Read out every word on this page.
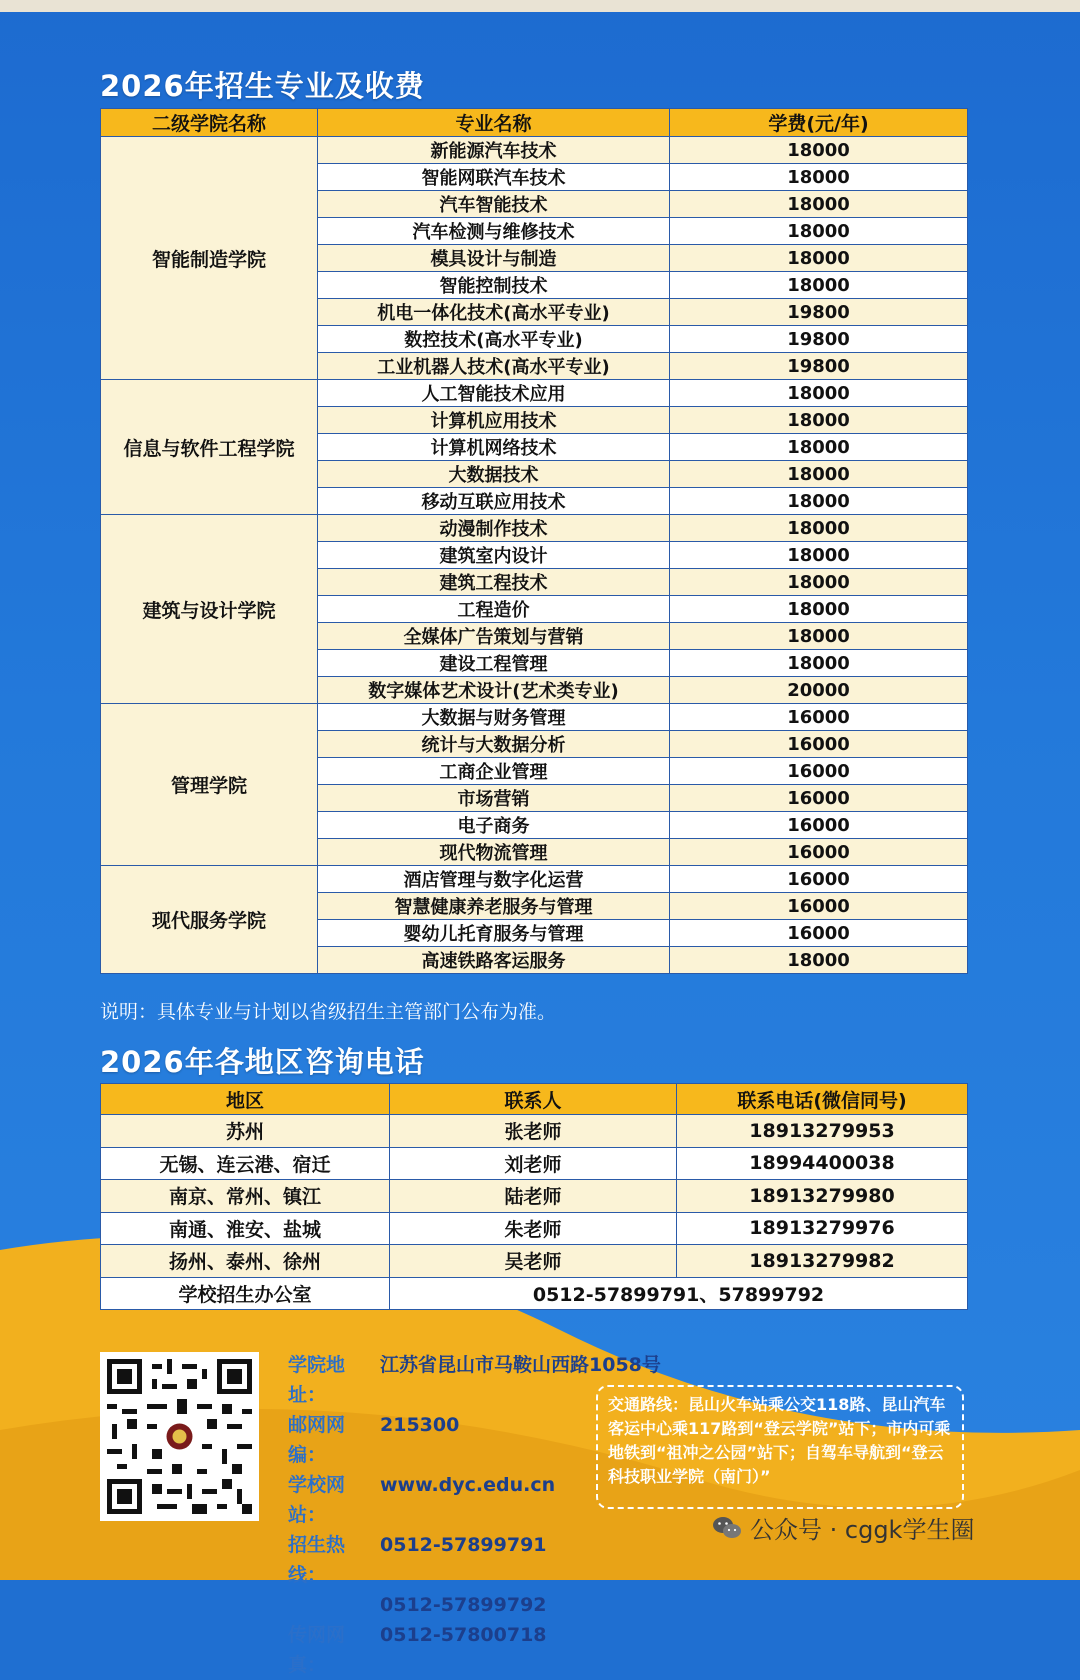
2026年招生专业及收费
二级学院名称	专业名称	学费(元/年)
智能制造学院	新能源汽车技术	18000
	智能网联汽车技术	18000
	汽车智能技术	18000
	汽车检测与维修技术	18000
	模具设计与制造	18000
	智能控制技术	18000
	机电一体化技术(高水平专业)	19800
	数控技术(高水平专业)	19800
	工业机器人技术(高水平专业)	19800
信息与软件工程学院	人工智能技术应用	18000
	计算机应用技术	18000
	计算机网络技术	18000
	大数据技术	18000
	移动互联应用技术	18000
建筑与设计学院	动漫制作技术	18000
	建筑室内设计	18000
	建筑工程技术	18000
	工程造价	18000
	全媒体广告策划与营销	18000
	建设工程管理	18000
	数字媒体艺术设计(艺术类专业)	20000
管理学院	大数据与财务管理	16000
	统计与大数据分析	16000
	工商企业管理	16000
	市场营销	16000
	电子商务	16000
	现代物流管理	16000
现代服务学院	酒店管理与数字化运营	16000
	智慧健康养老服务与管理	16000
	婴幼儿托育服务与管理	16000
	高速铁路客运服务	18000
说明：具体专业与计划以省级招生主管部门公布为准。
2026年各地区咨询电话
地区	联系人	联系电话(微信同号)
苏州	张老师	18913279953
无锡、连云港、宿迁	刘老师	18994400038
南京、常州、镇江	陆老师	18913279980
南通、淮安、盐城	朱老师	18913279976
扬州、泰州、徐州	吴老师	18913279982
学校招生办公室	0512-57899791、57899792	
学院地址：
江苏省昆山市马鞍山西路1058号
邮网网编：
215300
学校网站：
www.dyc.edu.cn
招生热线：
0512-57899791
0512-57899792
传网网真：
0512-57800718
交通路线：昆山火车站乘公交118路、昆山汽车客运中心乘117路到“登云学院”站下；市内可乘地铁到“祖冲之公园”站下；自驾车导航到“登云科技职业学院（南门）”
公众号 · cggk学生圈
